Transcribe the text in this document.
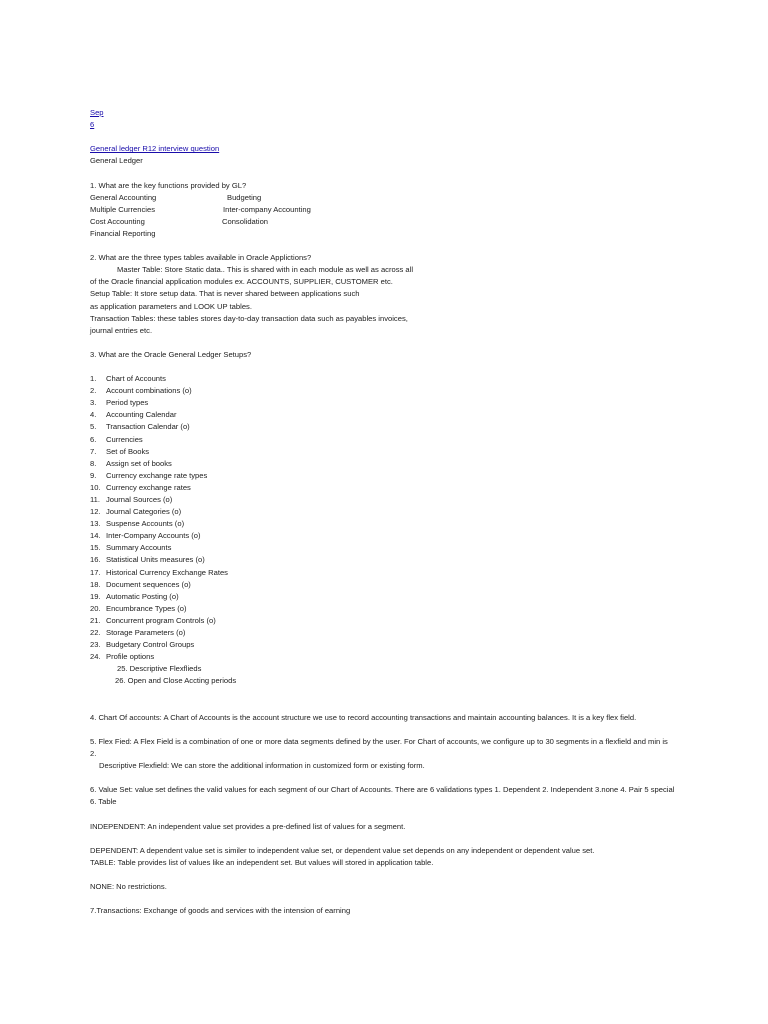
Sep
6
General ledger R12 interview question
General Ledger
1. What are the key functions provided by GL?
General Accounting	Budgeting
Multiple Currencies	Inter-company Accounting
Cost Accounting	Consolidation
Financial Reporting
2. What are the three types tables available in Oracle Applictions?
Master Table: Store Static data.. This is shared with in each module as well as across all
of the Oracle financial application modules ex. ACCOUNTS, SUPPLIER, CUSTOMER etc.
Setup Table: It store setup data. That is never shared between applications such
as application parameters and LOOK UP tables.
Transaction Tables: these tables stores day-to-day transaction data such as payables invoices,
journal entries etc.
3. What are the Oracle General Ledger Setups?
1. Chart of Accounts
2. Account combinations (o)
3. Period types
4. Accounting Calendar
5. Transaction Calendar (o)
6. Currencies
7. Set of Books
8. Assign set of books
9. Currency exchange rate types
10. Currency exchange rates
11. Journal Sources (o)
12. Journal Categories (o)
13. Suspense Accounts (o)
14. Inter-Company Accounts (o)
15. Summary Accounts
16. Statistical Units measures (o)
17. Historical Currency Exchange Rates
18. Document sequences (o)
19. Automatic Posting (o)
20. Encumbrance Types (o)
21. Concurrent program Controls (o)
22. Storage Parameters (o)
23. Budgetary Control Groups
24. Profile options
25. Descriptive Flexflieds
26. Open and Close Accting periods
4. Chart Of accounts: A Chart of Accounts is the account structure we use to record accounting transactions and maintain accounting balances. It is a key flex field.
5. Flex Fied: A Flex Field is a combination of one or more data segments defined by the user. For Chart of accounts, we configure up to 30 segments in a flexfield and min is 2.
Descriptive Flexfield: We can store the additional information in customized form or existing form.
6. Value Set: value set defines the valid values for each segment of our Chart of Accounts. There are 6 validations types 1. Dependent 2. Independent 3.none 4. Pair 5 special 6. Table
INDEPENDENT: An independent value set provides a pre-defined list of values for a segment.
DEPENDENT: A dependent value set is similer to independent value set, or dependent value set depends on any independent or dependent value set.
TABLE: Table provides list of values like an independent set. But values will stored in application table.
NONE: No restrictions.
7.Transactions: Exchange of goods and services with the intension of earning
